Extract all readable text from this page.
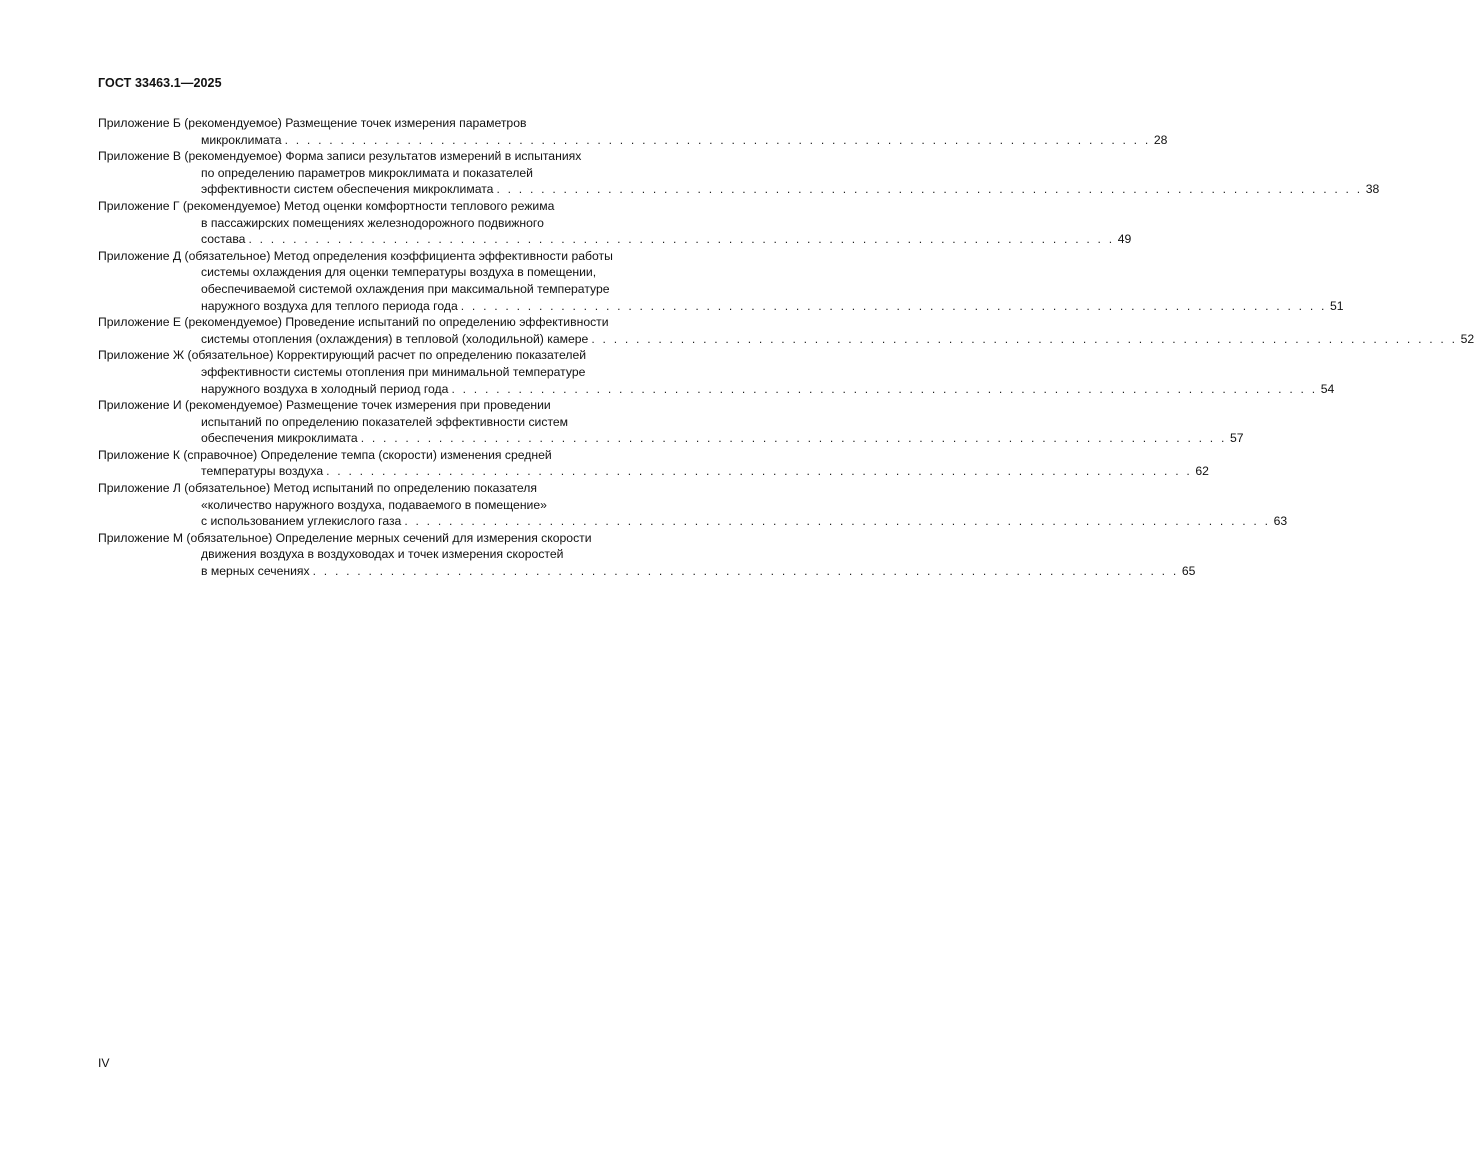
ГОСТ 33463.1—2025
Приложение Б (рекомендуемое) Размещение точек измерения параметров
микроклимата . . . . . . . . . . . . . . . . . . . . . . . . . . . . . . . . . . . . . . . . . . . . . . . . . . . . . . . . . . . . . . . . . . . . . . . . . . . . . . 28
Приложение В (рекомендуемое) Форма записи результатов измерений в испытаниях
по определению параметров микроклимата и показателей
эффективности систем обеспечения микроклимата . . . . . . . . . . . . . . . . . . . . . . . . . . . . . . . . . . . . . . . . . . . . . . . . . . . . . . . . . . . . . . . . . . . . . . . . . . . . . . 38
Приложение Г (рекомендуемое) Метод оценки комфортности теплового режима
в пассажирских помещениях железнодорожного подвижного
состава . . . . . . . . . . . . . . . . . . . . . . . . . . . . . . . . . . . . . . . . . . . . . . . . . . . . . . . . . . . . . . . . . . . . . . . . . . . . . . 49
Приложение Д (обязательное) Метод определения коэффициента эффективности работы
системы охлаждения для оценки температуры воздуха в помещении,
обеспечиваемой системой охлаждения при максимальной температуре
наружного воздуха для теплого периода года . . . . . . . . . . . . . . . . . . . . . . . . . . . . . . . . . . . . . . . . . . . . . . . . . . . . . . . . . . . . . . . . . . . . . . . . . . . . . . 51
Приложение Е (рекомендуемое) Проведение испытаний по определению эффективности
системы отопления (охлаждения) в тепловой (холодильной) камере . . . . . . . . . . . . . . . . . . . . . . . . . . . . . . . . . . . . . . . . . . . . . . . . . . . . . . . . . . . . . . . . . . . . . . . . . . . . . . 52
Приложение Ж (обязательное) Корректирующий расчет по определению показателей
эффективности системы отопления при минимальной температуре
наружного воздуха в холодный период года . . . . . . . . . . . . . . . . . . . . . . . . . . . . . . . . . . . . . . . . . . . . . . . . . . . . . . . . . . . . . . . . . . . . . . . . . . . . . . 54
Приложение И (рекомендуемое) Размещение точек измерения при проведении
испытаний по определению показателей эффективности систем
обеспечения микроклимата . . . . . . . . . . . . . . . . . . . . . . . . . . . . . . . . . . . . . . . . . . . . . . . . . . . . . . . . . . . . . . . . . . . . . . . . . . . . . . 57
Приложение К (справочное) Определение темпа (скорости) изменения средней
температуры воздуха . . . . . . . . . . . . . . . . . . . . . . . . . . . . . . . . . . . . . . . . . . . . . . . . . . . . . . . . . . . . . . . . . . . . . . . . . . . . . . 62
Приложение Л (обязательное) Метод испытаний по определению показателя
«количество наружного воздуха, подаваемого в помещение»
с использованием углекислого газа . . . . . . . . . . . . . . . . . . . . . . . . . . . . . . . . . . . . . . . . . . . . . . . . . . . . . . . . . . . . . . . . . . . . . . . . . . . . . . 63
Приложение М (обязательное) Определение мерных сечений для измерения скорости
движения воздуха в воздуховодах и точек измерения скоростей
в мерных сечениях . . . . . . . . . . . . . . . . . . . . . . . . . . . . . . . . . . . . . . . . . . . . . . . . . . . . . . . . . . . . . . . . . . . . . . . . . . . . . . 65
IV
